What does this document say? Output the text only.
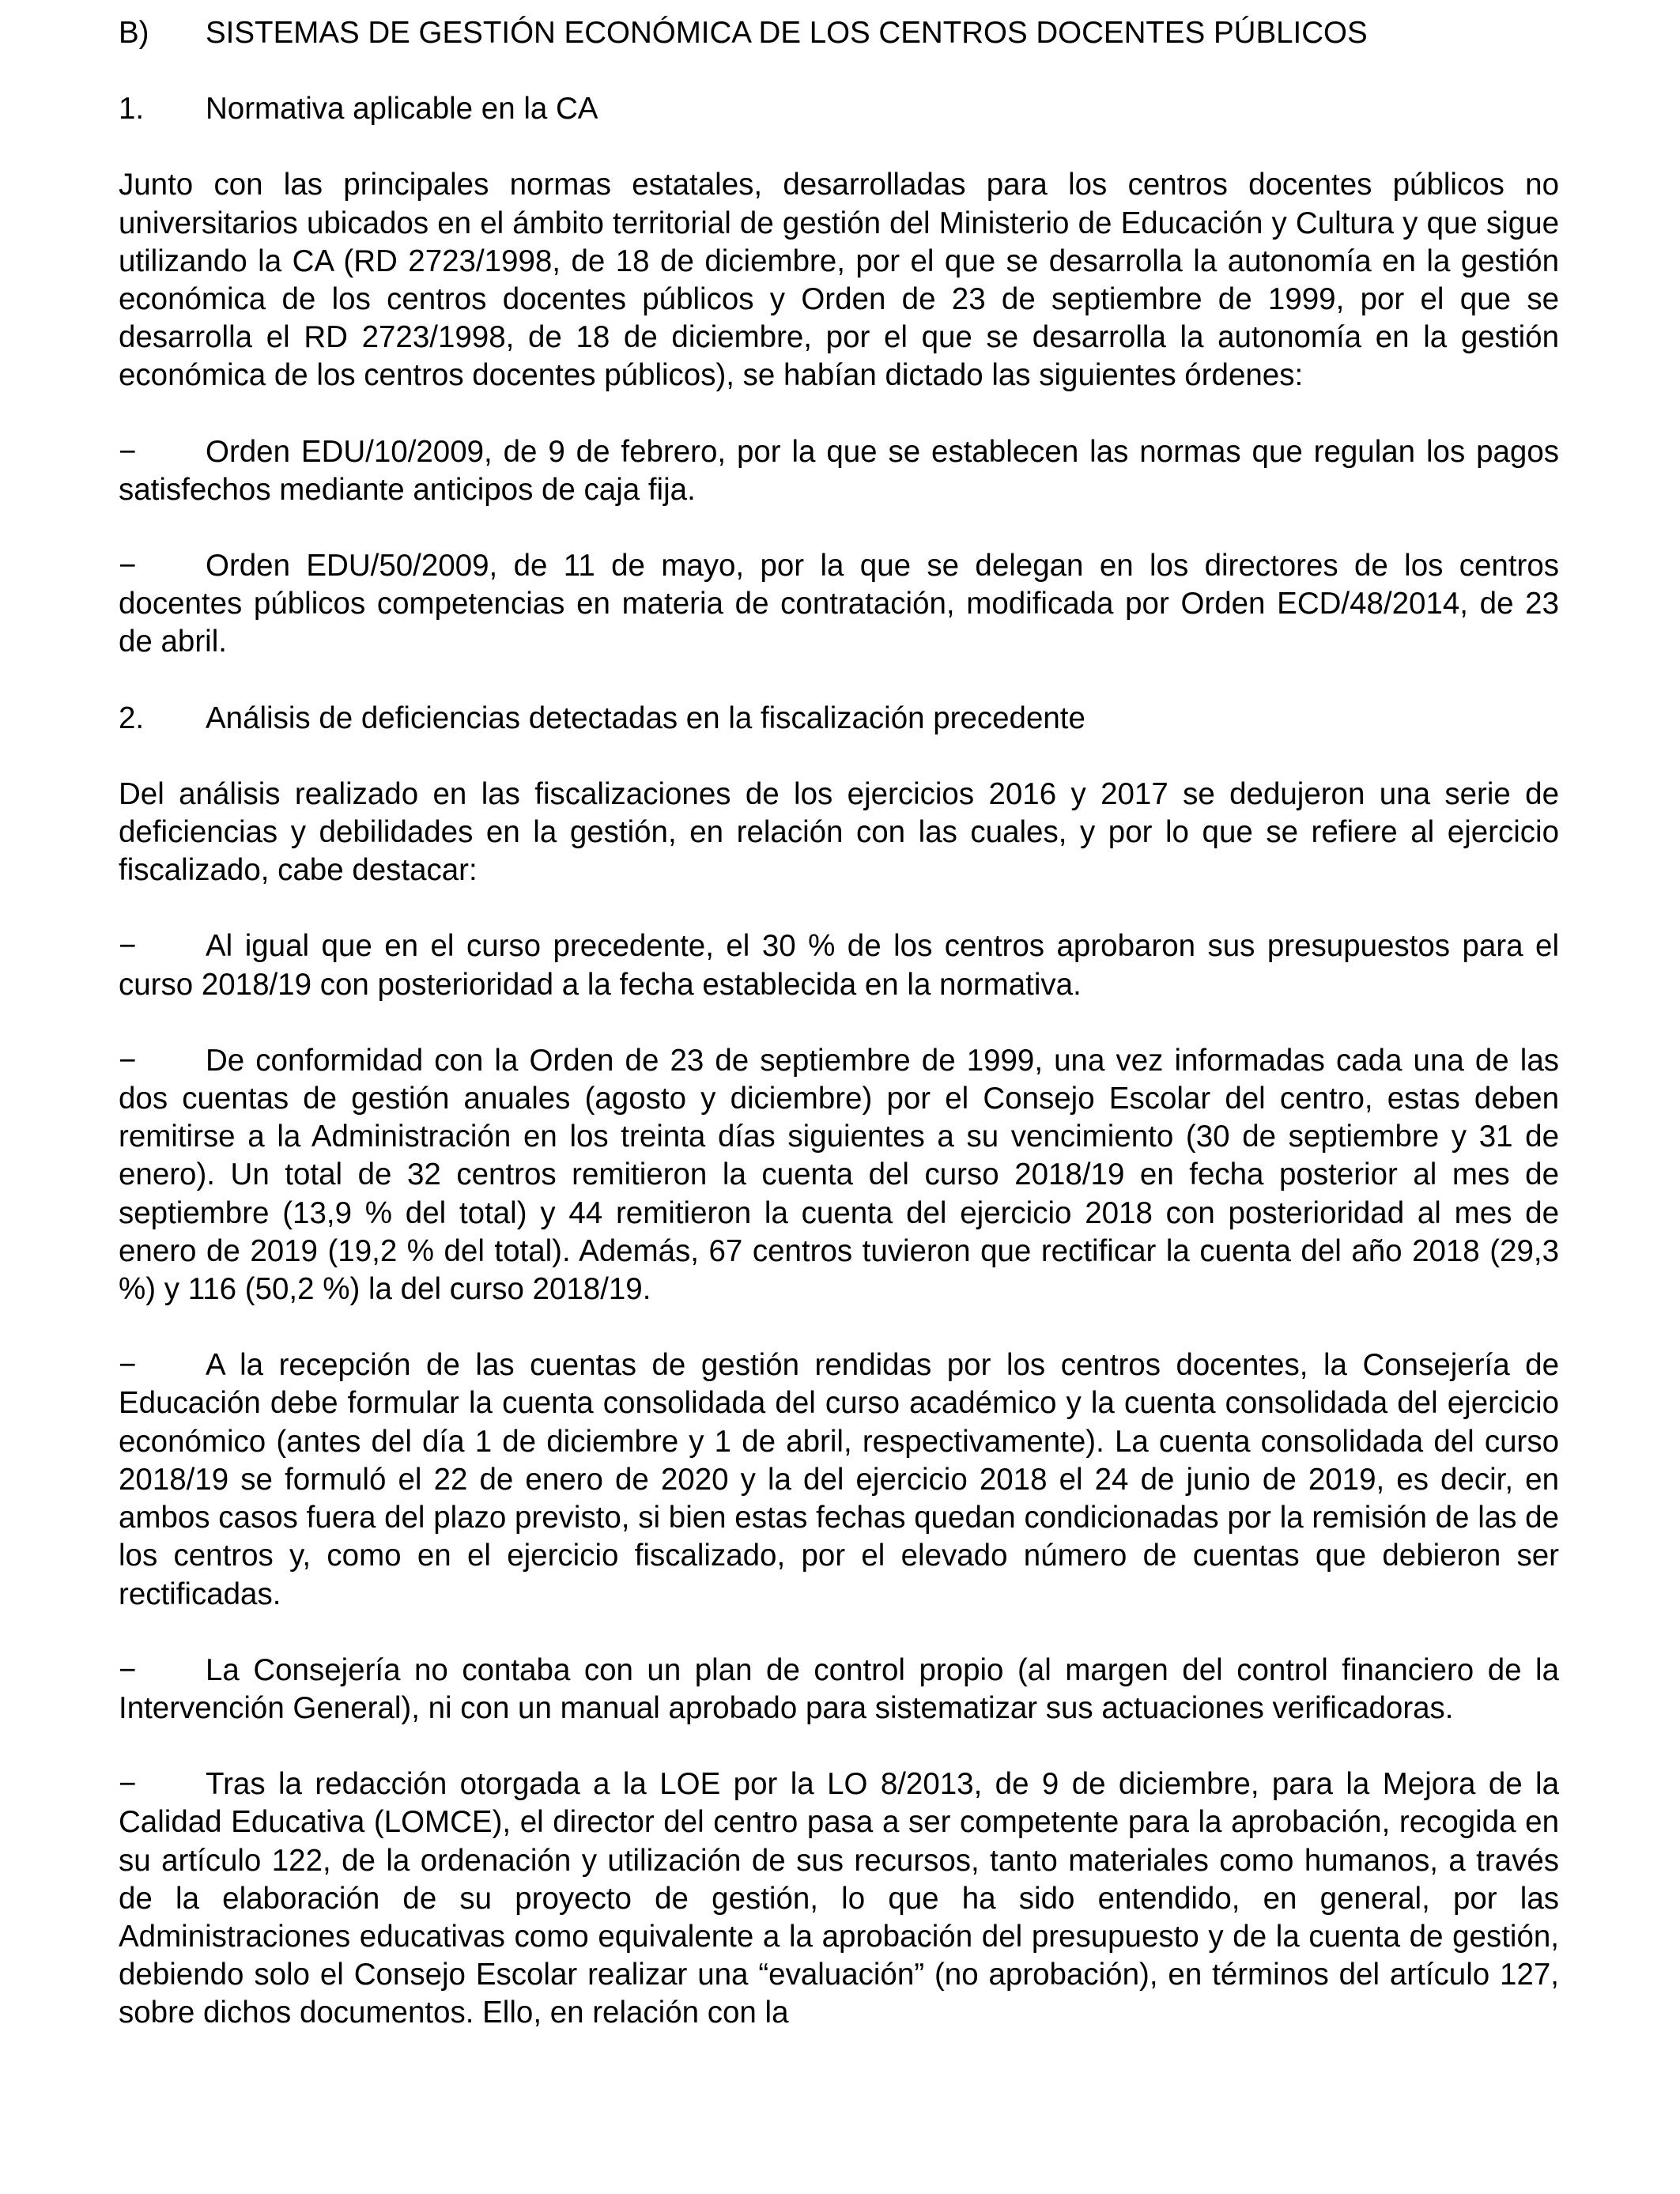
B)	SISTEMAS DE GESTIÓN ECONÓMICA DE LOS CENTROS DOCENTES PÚBLICOS
1.	Normativa aplicable en la CA

Junto con las principales normas estatales, desarrolladas para los centros docentes públicos no universitarios ubicados en el ámbito territorial de gestión del Ministerio de Educación y Cultura y que sigue utilizando la CA (RD 2723/1998, de 18 de diciembre, por el que se desarrolla la autonomía en la gestión económica de los centros docentes públicos y Orden de 23 de septiembre de 1999, por el que se desarrolla el RD 2723/1998, de 18 de diciembre, por el que se desarrolla la autonomía en la gestión económica de los centros docentes públicos), se habían dictado las siguientes órdenes:

− Orden EDU/10/2009, de 9 de febrero, por la que se establecen las normas que regulan los pagos satisfechos mediante anticipos de caja fija.

− Orden EDU/50/2009, de 11 de mayo, por la que se delegan en los directores de los centros docentes públicos competencias en materia de contratación, modificada por Orden ECD/48/2014, de 23 de abril.

2.	Análisis de deficiencias detectadas en la fiscalización precedente

Del análisis realizado en las fiscalizaciones de los ejercicios 2016 y 2017 se dedujeron una serie de deficiencias y debilidades en la gestión, en relación con las cuales, y por lo que se refiere al ejercicio fiscalizado, cabe destacar:

− Al igual que en el curso precedente, el 30 % de los centros aprobaron sus presupuestos para el curso 2018/19 con posterioridad a la fecha establecida en la normativa.

− De conformidad con la Orden de 23 de septiembre de 1999, una vez informadas cada una de las dos cuentas de gestión anuales (agosto y diciembre) por el Consejo Escolar del centro, estas deben remitirse a la Administración en los treinta días siguientes a su vencimiento (30 de septiembre y 31 de enero). Un total de 32 centros remitieron la cuenta del curso 2018/19 en fecha posterior al mes de septiembre (13,9 % del total) y 44 remitieron la cuenta del ejercicio 2018 con posterioridad al mes de enero de 2019 (19,2 % del total). Además, 67 centros tuvieron que rectificar la cuenta del año 2018 (29,3 %) y 116 (50,2 %) la del curso 2018/19.

− A la recepción de las cuentas de gestión rendidas por los centros docentes, la Consejería de Educación debe formular la cuenta consolidada del curso académico y la cuenta consolidada del ejercicio económico (antes del día 1 de diciembre y 1 de abril, respectivamente). La cuenta consolidada del curso 2018/19 se formuló el 22 de enero de 2020 y la del ejercicio 2018 el 24 de junio de 2019, es decir, en ambos casos fuera del plazo previsto, si bien estas fechas quedan condicionadas por la remisión de las de los centros y, como en el ejercicio fiscalizado, por el elevado número de cuentas que debieron ser rectificadas.

− La Consejería no contaba con un plan de control propio (al margen del control financiero de la Intervención General), ni con un manual aprobado para sistematizar sus actuaciones verificadoras.

− Tras la redacción otorgada a la LOE por la LO 8/2013, de 9 de diciembre, para la Mejora de la Calidad Educativa (LOMCE), el director del centro pasa a ser competente para la aprobación, recogida en su artículo 122, de la ordenación y utilización de sus recursos, tanto materiales como humanos, a través de la elaboración de su proyecto de gestión, lo que ha sido entendido, en general, por las Administraciones educativas como equivalente a la aprobación del presupuesto y de la cuenta de gestión, debiendo solo el Consejo Escolar realizar una “evaluación” (no aprobación), en términos del artículo 127, sobre dichos documentos. Ello, en relación con la
